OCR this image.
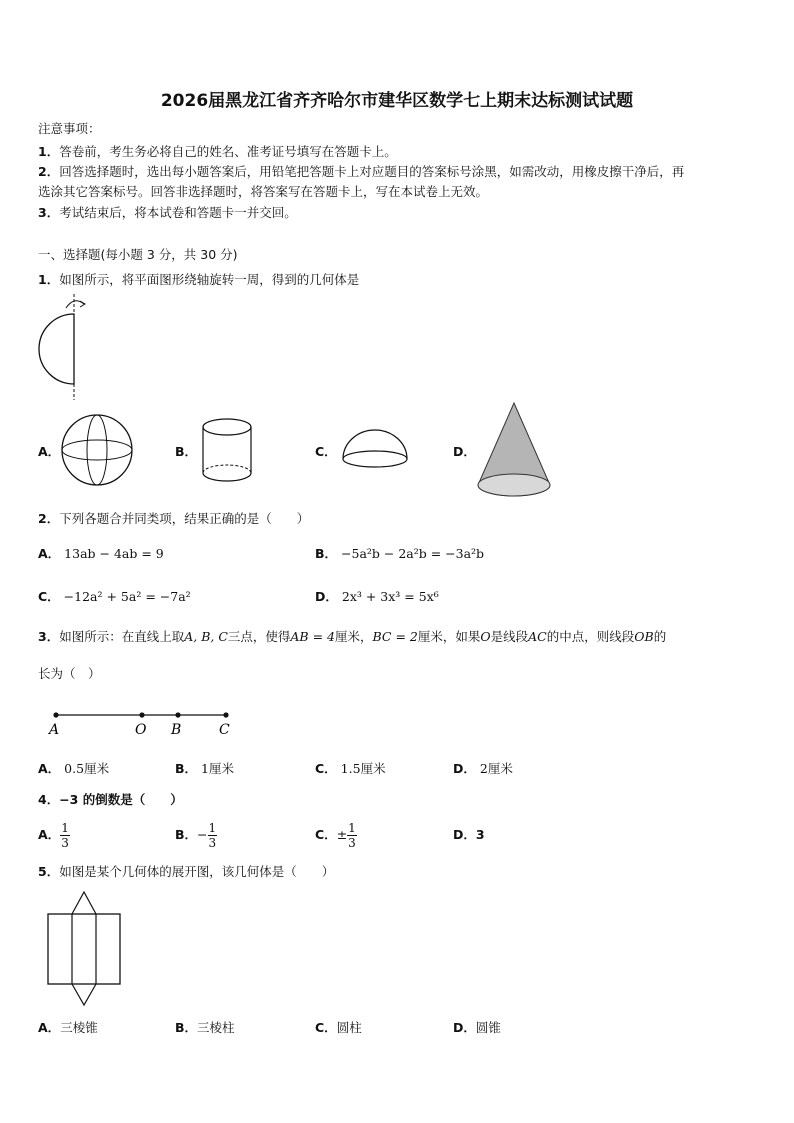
2026届黑龙江省齐齐哈尔市建华区数学七上期末达标测试试题
注意事项：
1．答卷前，考生务必将自己的姓名、准考证号填写在答题卡上。
2．回答选择题时，选出每小题答案后，用铅笔把答题卡上对应题目的答案标号涂黑，如需改动，用橡皮擦干净后，再
选涂其它答案标号。回答非选择题时，将答案写在答题卡上，写在本试卷上无效。
3．考试结束后，将本试卷和答题卡一并交回。
一、选择题(每小题 3 分，共 30 分)
1．如图所示，将平面图形绕轴旋转一周，得到的几何体是
A．	B．	C．	D．
2．下列各题合并同类项，结果正确的是（　　）
A． 13ab − 4ab = 9	B． −5a²b − 2a²b = −3a²b
C． −12a² + 5a² = −7a²	D． 2x³ + 3x³ = 5x⁶
3．如图所示：在直线上取A, B, C三点，使得AB = 4厘米，BC = 2厘米，如果O是线段AC的中点，则线段OB的
长为（　）
A	O B	C
A． 0.5厘米	B． 1厘米	C． 1.5厘米	D． 2厘米
4．−3 的倒数是（　　）
A． $\frac{1}{3}$	B． − $\frac{1}{3}$	C． ± $\frac{1}{3}$	D． 3
5．如图是某个几何体的展开图，该几何体是（　　）
A．三棱锥	B．三棱柱	C．圆柱	D．圆锥
